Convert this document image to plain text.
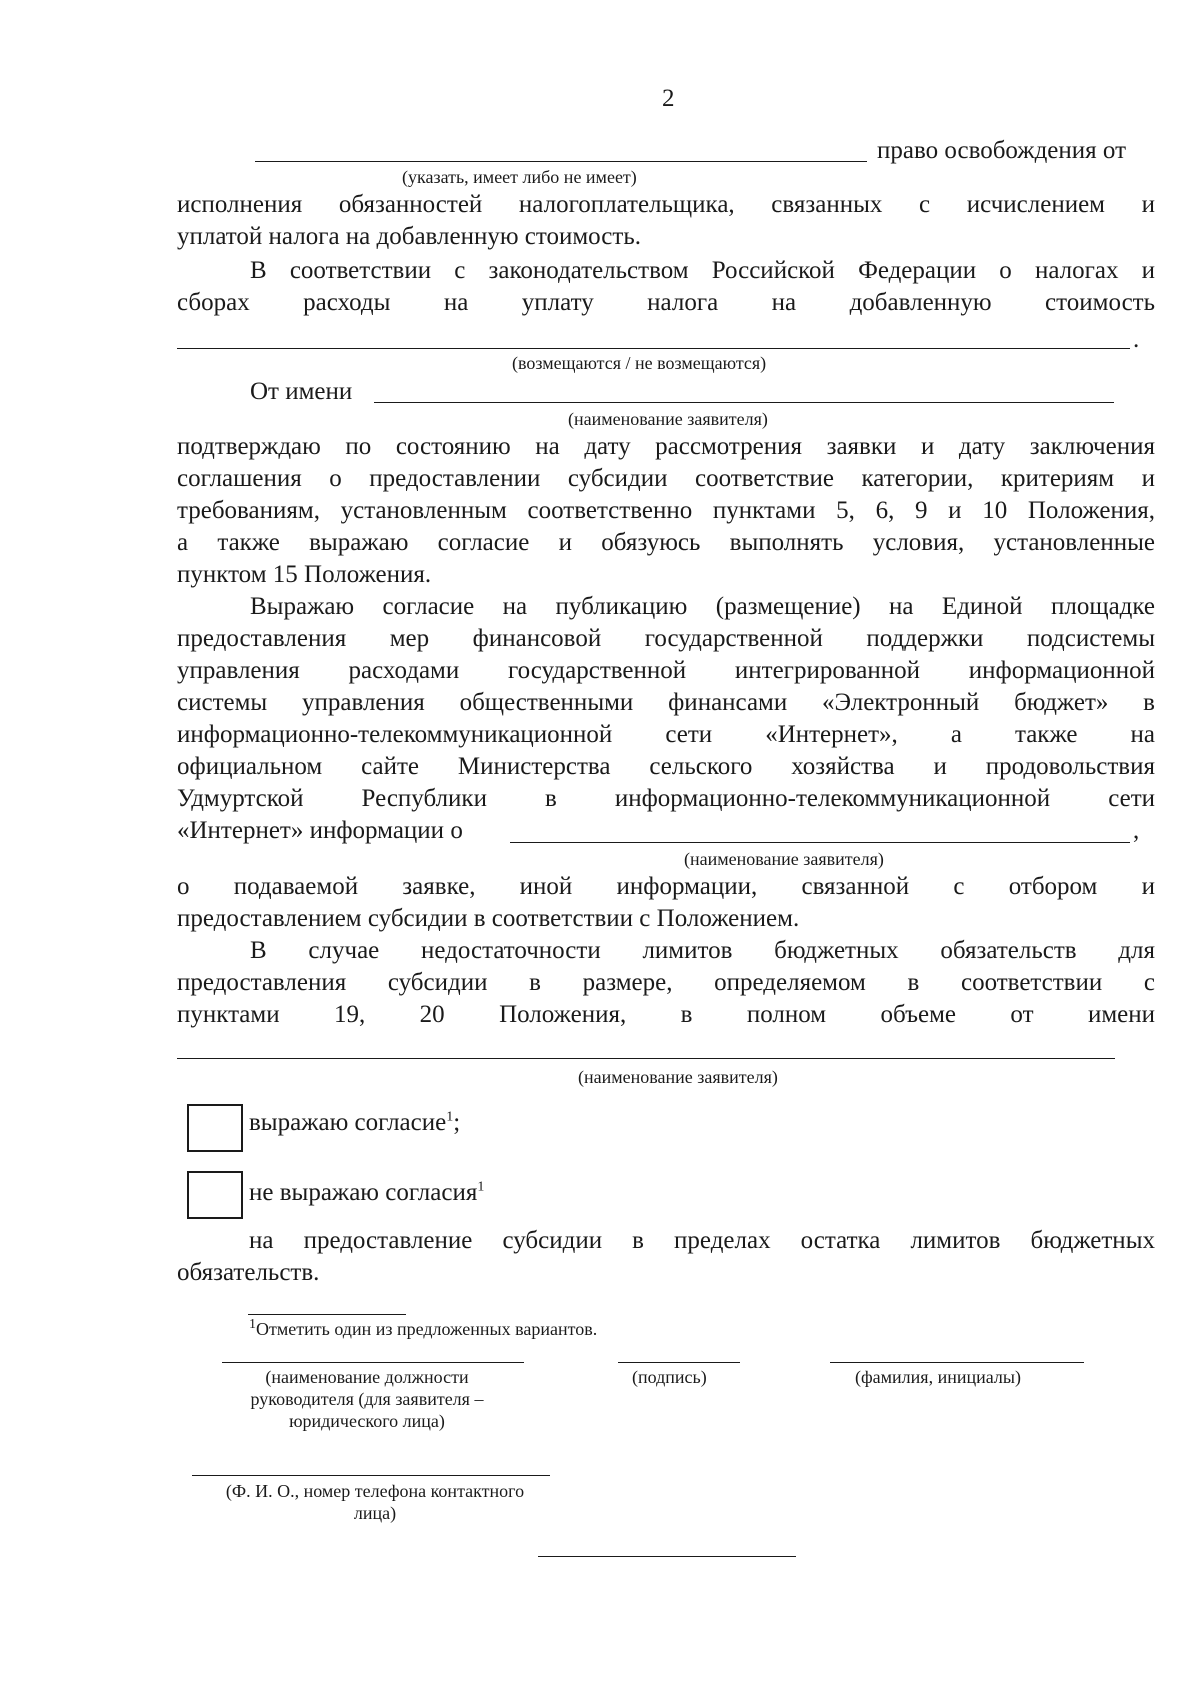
2
право освобождения от
(указать, имеет либо не имеет)
исполнения обязанностей налогоплательщика, связанных с исчислением и
уплатой налога на добавленную стоимость.
В соответствии с законодательством Российской Федерации о налогах и
сборах расходы на уплату налога на добавленную стоимость
.
(возмещаются / не возмещаются)
От имени
(наименование заявителя)
подтверждаю по состоянию на дату рассмотрения заявки и дату заключения
соглашения о предоставлении субсидии соответствие категории, критериям и
требованиям, установленным соответственно пунктами 5, 6, 9 и 10 Положения,
а также выражаю согласие и обязуюсь выполнять условия, установленные
пунктом 15 Положения.
Выражаю согласие на публикацию (размещение) на Единой площадке
предоставления мер финансовой государственной поддержки подсистемы
управления расходами государственной интегрированной информационной
системы управления общественными финансами «Электронный бюджет» в
информационно-телекоммуникационной сети «Интернет», а также на
официальном сайте Министерства сельского хозяйства и продовольствия
Удмуртской Республики в информационно-телекоммуникационной сети
«Интернет» информации о	,
(наименование заявителя)
о подаваемой заявке, иной информации, связанной с отбором и
предоставлением субсидии в соответствии с Положением.
В случае недостаточности лимитов бюджетных обязательств для
предоставления субсидии в размере, определяемом в соответствии с
пунктами 19, 20 Положения, в полном объеме от имени
(наименование заявителя)
выражаю согласие$^1$;
не выражаю согласия$^1$
на предоставление субсидии в пределах остатка лимитов бюджетных
обязательств.
$^1$Отметить один из предложенных вариантов.
(наименование должности
руководителя (для заявителя –
юридического лица)
(подпись)	(фамилия, инициалы)
(Ф. И. О., номер телефона контактного
лица)
